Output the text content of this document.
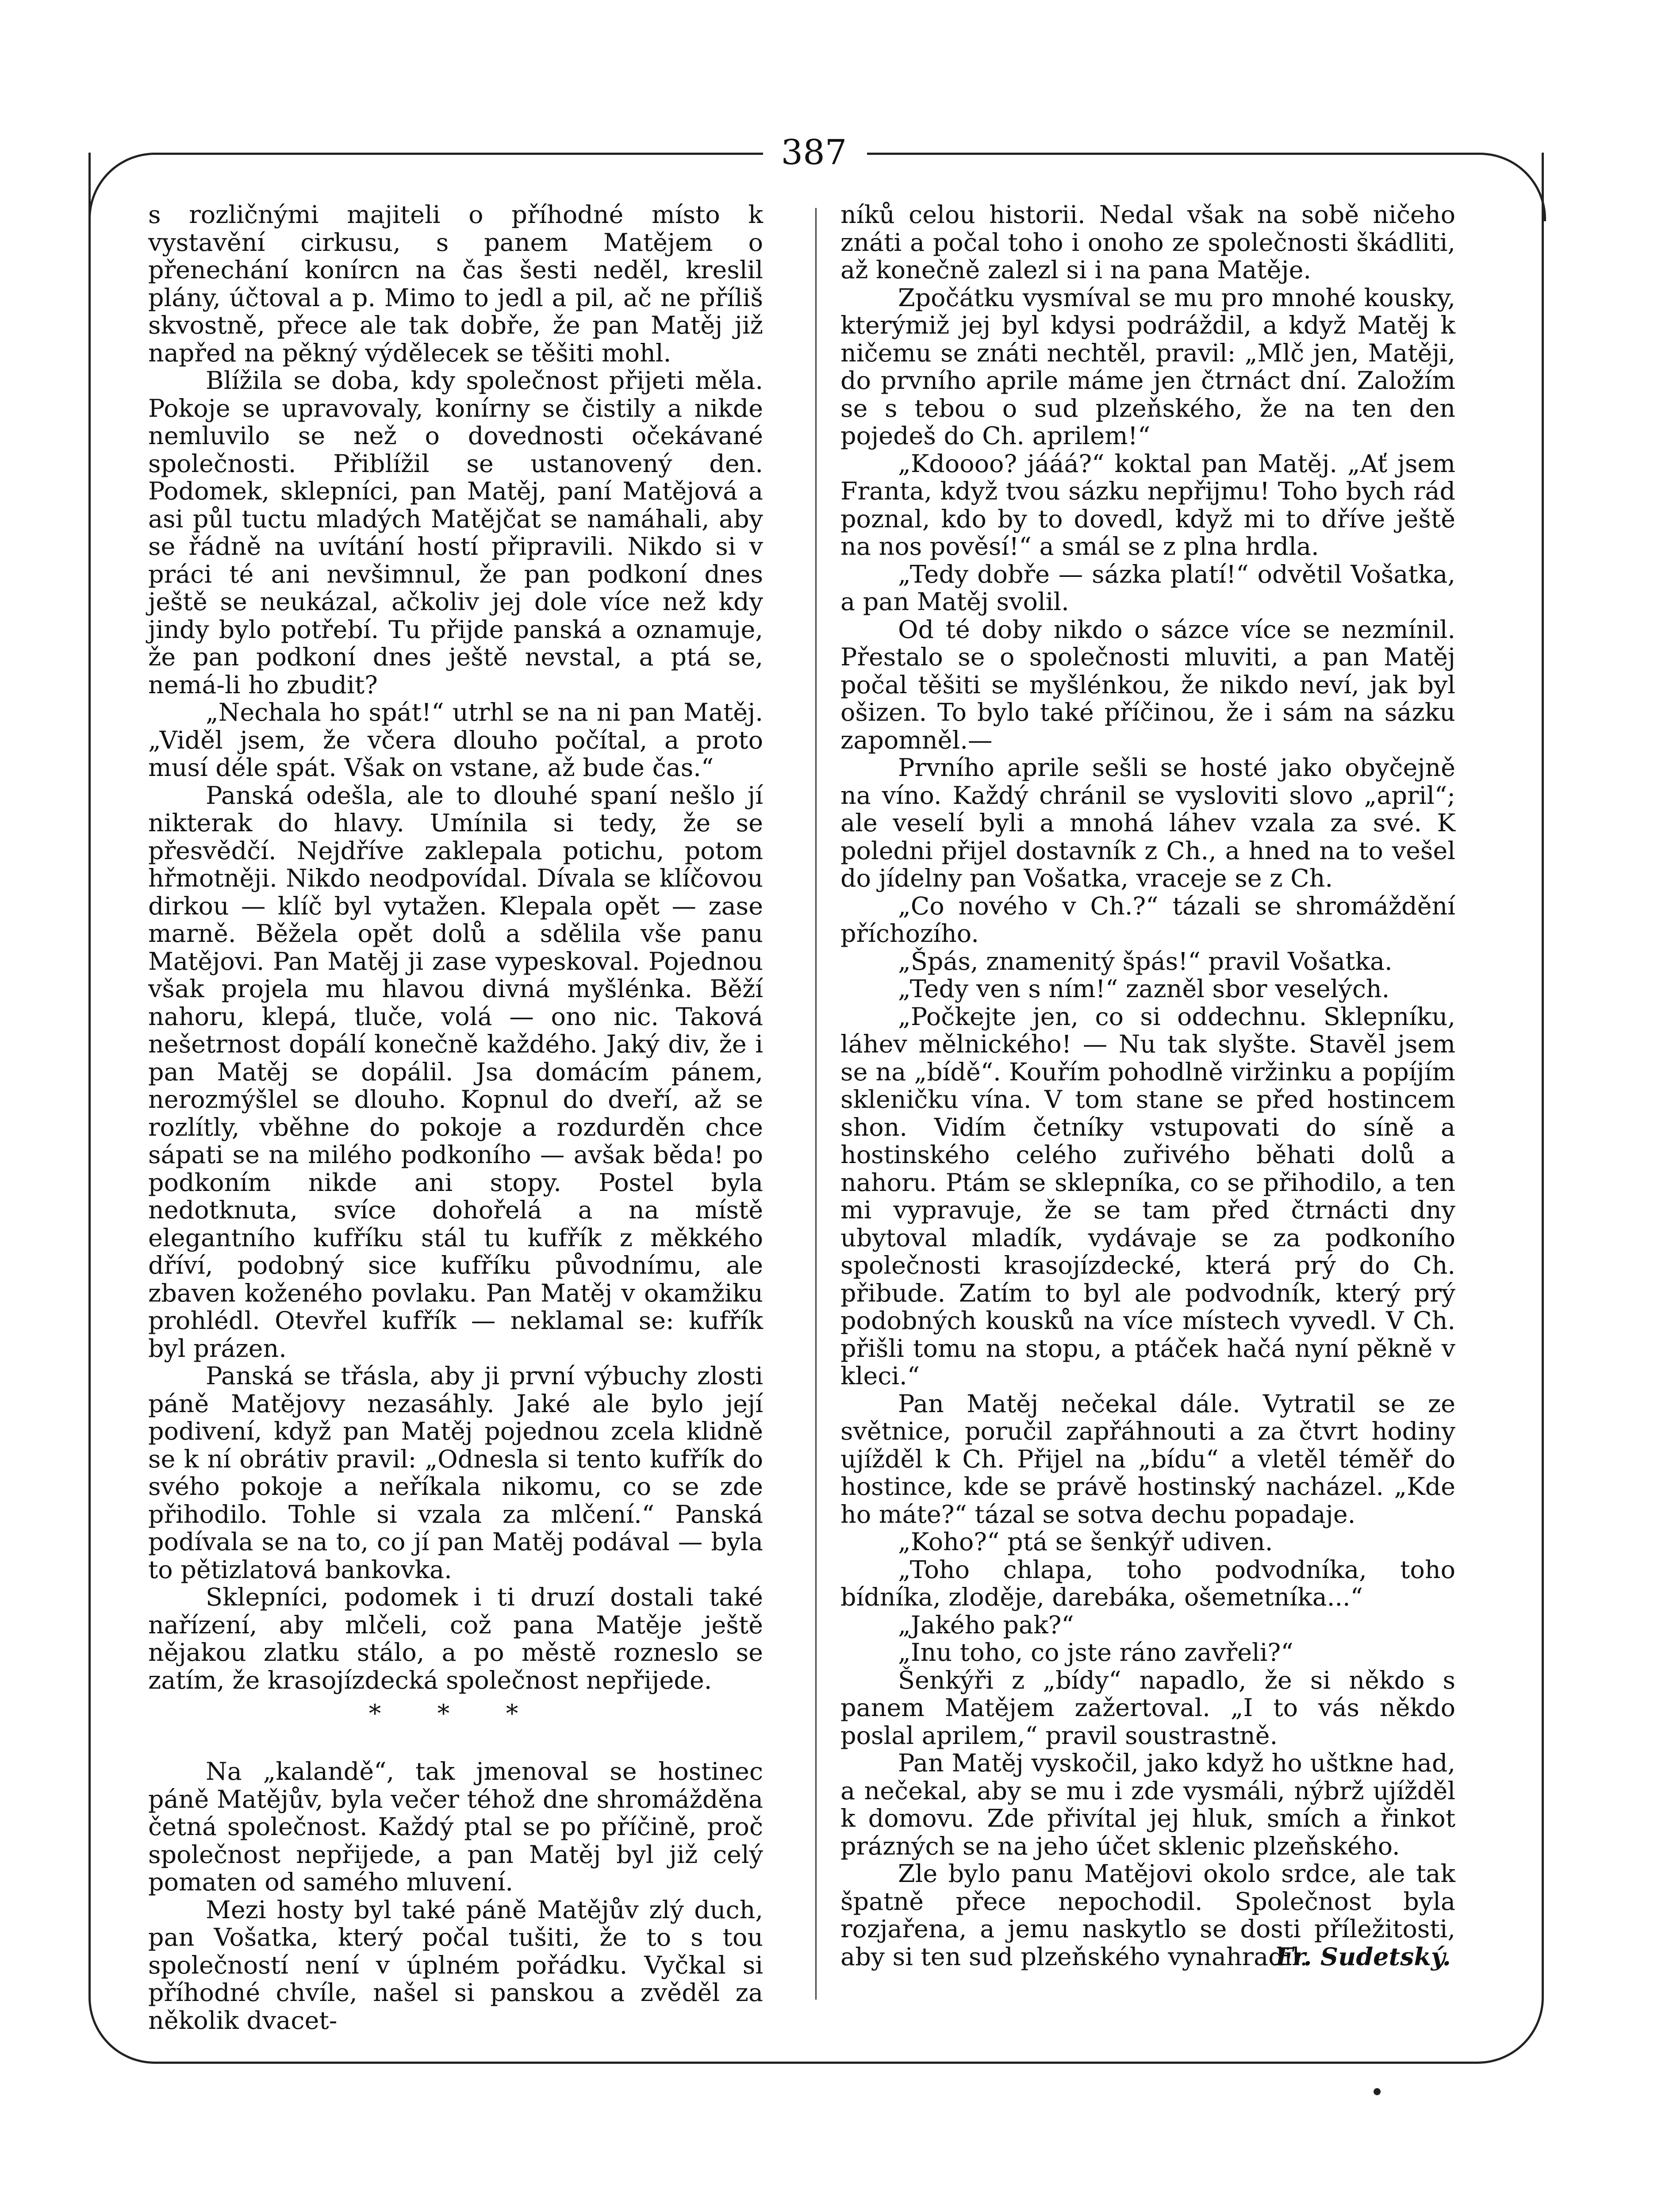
387

s rozličnými majiteli o příhodné místo k vystavění cirkusu, s panem Matějem o přenechání konírcn na čas šesti neděl, kreslil plány, účtoval a p. Mimo to jedl a pil, ač ne příliš skvostně, přece ale tak dobře, že pan Matěj již napřed na pěkný výdělecek se těšiti mohl.

Blížila se doba, kdy společnost přijeti měla. Pokoje se upravovaly, konírny se čistily a nikde nemluvilo se než o dovednosti očekávané společnosti. Přiblížil se ustanovený den. Podomek, sklepníci, pan Matěj, paní Matějová a asi půl tuctu mladých Matějčat se namáhali, aby se řádně na uvítání hostí připravili. Nikdo si v práci té ani nevšimnul, že pan podkoní dnes ještě se neukázal, ačkoliv jej dole více než kdy jindy bylo potřebí. Tu přijde panská a oznamuje, že pan podkoní dnes ještě nevstal, a ptá se, nemá-li ho zbudit?

„Nechala ho spát!“ utrhl se na ni pan Matěj. „Viděl jsem, že včera dlouho počítal, a proto musí déle spát. Však on vstane, až bude čas.“

Panská odešla, ale to dlouhé spaní nešlo jí nikterak do hlavy. Umínila si tedy, že se přesvědčí. Nejdříve zaklepala potichu, potom hřmotněji. Nikdo neodpovídal. Dívala se klíčovou dirkou — klíč byl vytažen. Klepala opět — zase marně. Běžela opět dolů a sdělila vše panu Matějovi. Pan Matěj ji zase vypeskoval. Pojednou však projela mu hlavou divná myšlénka. Běží nahoru, klepá, tluče, volá — ono nic. Taková nešetrnost dopálí konečně každého. Jaký div, že i pan Matěj se dopálil. Jsa domácím pánem, nerozmýšlel se dlouho. Kopnul do dveří, až se rozlítly, vběhne do pokoje a rozdurděn chce sápati se na milého podkoního — avšak běda! po podkoním nikde ani stopy. Postel byla nedotknuta, svíce dohořelá a na místě elegantního kufříku stál tu kufřík z měkkého dříví, podobný sice kufříku původnímu, ale zbaven koženého povlaku. Pan Matěj v okamžiku prohlédl. Otevřel kufřík — neklamal se: kufřík byl prázen.

Panská se třásla, aby ji první výbuchy zlosti páně Matějovy nezasáhly. Jaké ale bylo její podivení, když pan Matěj pojednou zcela klidně se k ní obrátiv pravil: „Odnesla si tento kufřík do svého pokoje a neříkala nikomu, co se zde přihodilo. Tohle si vzala za mlčení.“ Panská podívala se na to, co jí pan Matěj podával — byla to pětizlatová bankovka.

Sklepníci, podomek i ti druzí dostali také nařízení, aby mlčeli, což pana Matěje ještě nějakou zlatku stálo, a po městě rozneslo se zatím, že krasojízdecká společnost nepřijede.

* * *

Na „kalandě“, tak jmenoval se hostinec páně Matějův, byla večer téhož dne shromážděna četná společnost. Každý ptal se po příčině, proč společnost nepřijede, a pan Matěj byl již celý pomaten od samého mluvení.

Mezi hosty byl také páně Matějův zlý duch, pan Vošatka, který počal tušiti, že to s tou společností není v úplném pořádku. Vyčkal si příhodné chvíle, našel si panskou a zvěděl za několik dvacet-

níků celou historii. Nedal však na sobě ničeho znáti a počal toho i onoho ze společnosti škádliti, až konečně zalezl si i na pana Matěje.

Zpočátku vysmíval se mu pro mnohé kousky, kterýmiž jej byl kdysi podráždil, a když Matěj k ničemu se znáti nechtěl, pravil: „Mlč jen, Matěji, do prvního aprile máme jen čtrnáct dní. Založím se s tebou o sud plzeňského, že na ten den pojedeš do Ch. aprilem!“

„Kdoooo? jááá?“ koktal pan Matěj. „Ať jsem Franta, když tvou sázku nepřijmu! Toho bych rád poznal, kdo by to dovedl, když mi to dříve ještě na nos pověsí!“ a smál se z plna hrdla.

„Tedy dobře — sázka platí!“ odvětil Vošatka, a pan Matěj svolil.

Od té doby nikdo o sázce více se nezmínil. Přestalo se o společnosti mluviti, a pan Matěj počal těšiti se myšlénkou, že nikdo neví, jak byl ošizen. To bylo také příčinou, že i sám na sázku zapomněl.—

Prvního aprile sešli se hosté jako obyčejně na víno. Každý chránil se vysloviti slovo „april“; ale veselí byli a mnohá láhev vzala za své. K poledni přijel dostavník z Ch., a hned na to vešel do jídelny pan Vošatka, vraceje se z Ch.

„Co nového v Ch.?“ tázali se shromáždění příchozího.

„Špás, znamenitý špás!“ pravil Vošatka.

„Tedy ven s ním!“ zazněl sbor veselých.

„Počkejte jen, co si oddechnu. Sklepníku, láhev mělnického! — Nu tak slyšte. Stavěl jsem se na „bídě“. Kouřím pohodlně viržinku a popíjím skleničku vína. V tom stane se před hostincem shon. Vidím četníky vstupovati do síně a hostinského celého zuřivého běhati dolů a nahoru. Ptám se sklepníka, co se přihodilo, a ten mi vypravuje, že se tam před čtrnácti dny ubytoval mladík, vydávaje se za podkoního společnosti krasojízdecké, která prý do Ch. přibude. Zatím to byl ale podvodník, který prý podobných kousků na více místech vyvedl. V Ch. přišli tomu na stopu, a ptáček hačá nyní pěkně v kleci.“

Pan Matěj nečekal dále. Vytratil se ze světnice, poručil zapřáhnouti a za čtvrt hodiny ujížděl k Ch. Přijel na „bídu“ a vletěl téměř do hostince, kde se právě hostinský nacházel. „Kde ho máte?“ tázal se sotva dechu popadaje.

„Koho?“ ptá se šenkýř udiven.

„Toho chlapa, toho podvodníka, toho bídníka, zloděje, darebáka, ošemetníka...“

„Jakého pak?“

„Inu toho, co jste ráno zavřeli?“

Šenkýři z „bídy“ napadlo, že si někdo s panem Matějem zažertoval. „I to vás někdo poslal aprilem,“ pravil soustrastně.

Pan Matěj vyskočil, jako když ho uštkne had, a nečekal, aby se mu i zde vysmáli, nýbrž ujížděl k domovu. Zde přivítal jej hluk, smích a řinkot prázných se na jeho účet sklenic plzeňského.

Zle bylo panu Matějovi okolo srdce, ale tak špatně přece nepochodil. Společnost byla rozjařena, a jemu naskytlo se dosti příležitosti, aby si ten sud plzeňského vynahradil.

Fr. Sudetský.
